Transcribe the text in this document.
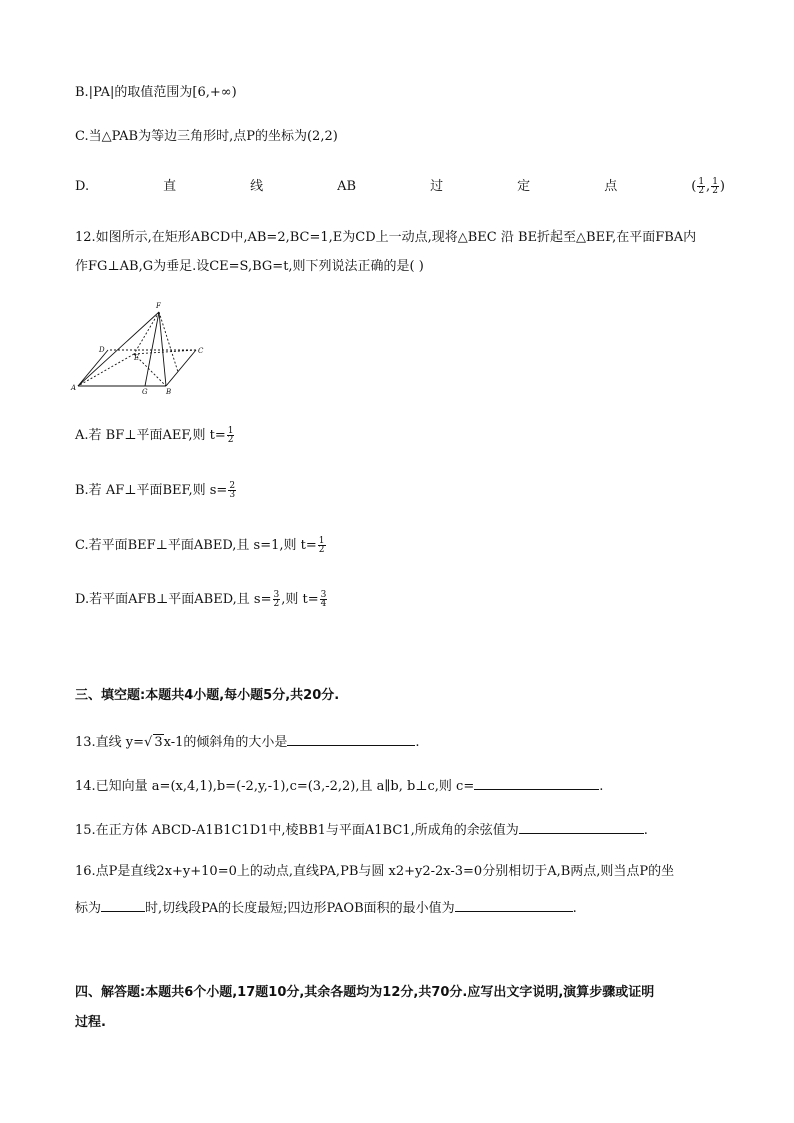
B.|PA|的取值范围为[6,+∞)
C.当△PAB为等边三角形时,点P的坐标为(2,2)
D.	直	线	AB	过	定	点	( $\frac{1}{2}$ , $\frac{1}{2}$ )
12.如图所示,在矩形ABCD中,AB=2,BC=1,E为CD上一动点,现将△BEC 沿 BE折起至△BEF,在平面FBA内
作FG⊥AB,G为垂足.设CE=S,BG=t,则下列说法正确的是( )
F
D	C
E
A	G	B
A.若 BF⊥平面AEF,则 $t= \frac{1}{2}$
B.若 AF⊥平面BEF,则 $s= \frac{2}{3}$
C.若平面BEF⊥平面ABED,且 s=1,则 $t= \frac{1}{2}$
D.若平面AFB⊥平面ABED,且 $s= \frac{3}{2}$ ,则 $t= \frac{3}{4}$
三、填空题:本题共4小题,每小题5分,共20分.
13.直线 y=√ 3x-1的倾斜角的大小是	.
14.已知向量 a=(x,4,1),b=(-2,y,-1),c=(3,-2,2),且 a∥b, b⊥c,则 c=	.
15.在正方体 ABCD-A1B1C1D1中,棱BB1与平面A1BC1,所成角的余弦值为	.
16.点P是直线2x+y+10=0上的动点,直线PA,PB与圆 x2+y2-2x-3=0分别相切于A,B两点,则当点P的坐
标为	时,切线段PA的长度最短;四边形PAOB面积的最小值为	.
四、解答题:本题共6个小题,17题10分,其余各题均为12分,共70分.应写出文字说明,演算步骤或证明
过程.
